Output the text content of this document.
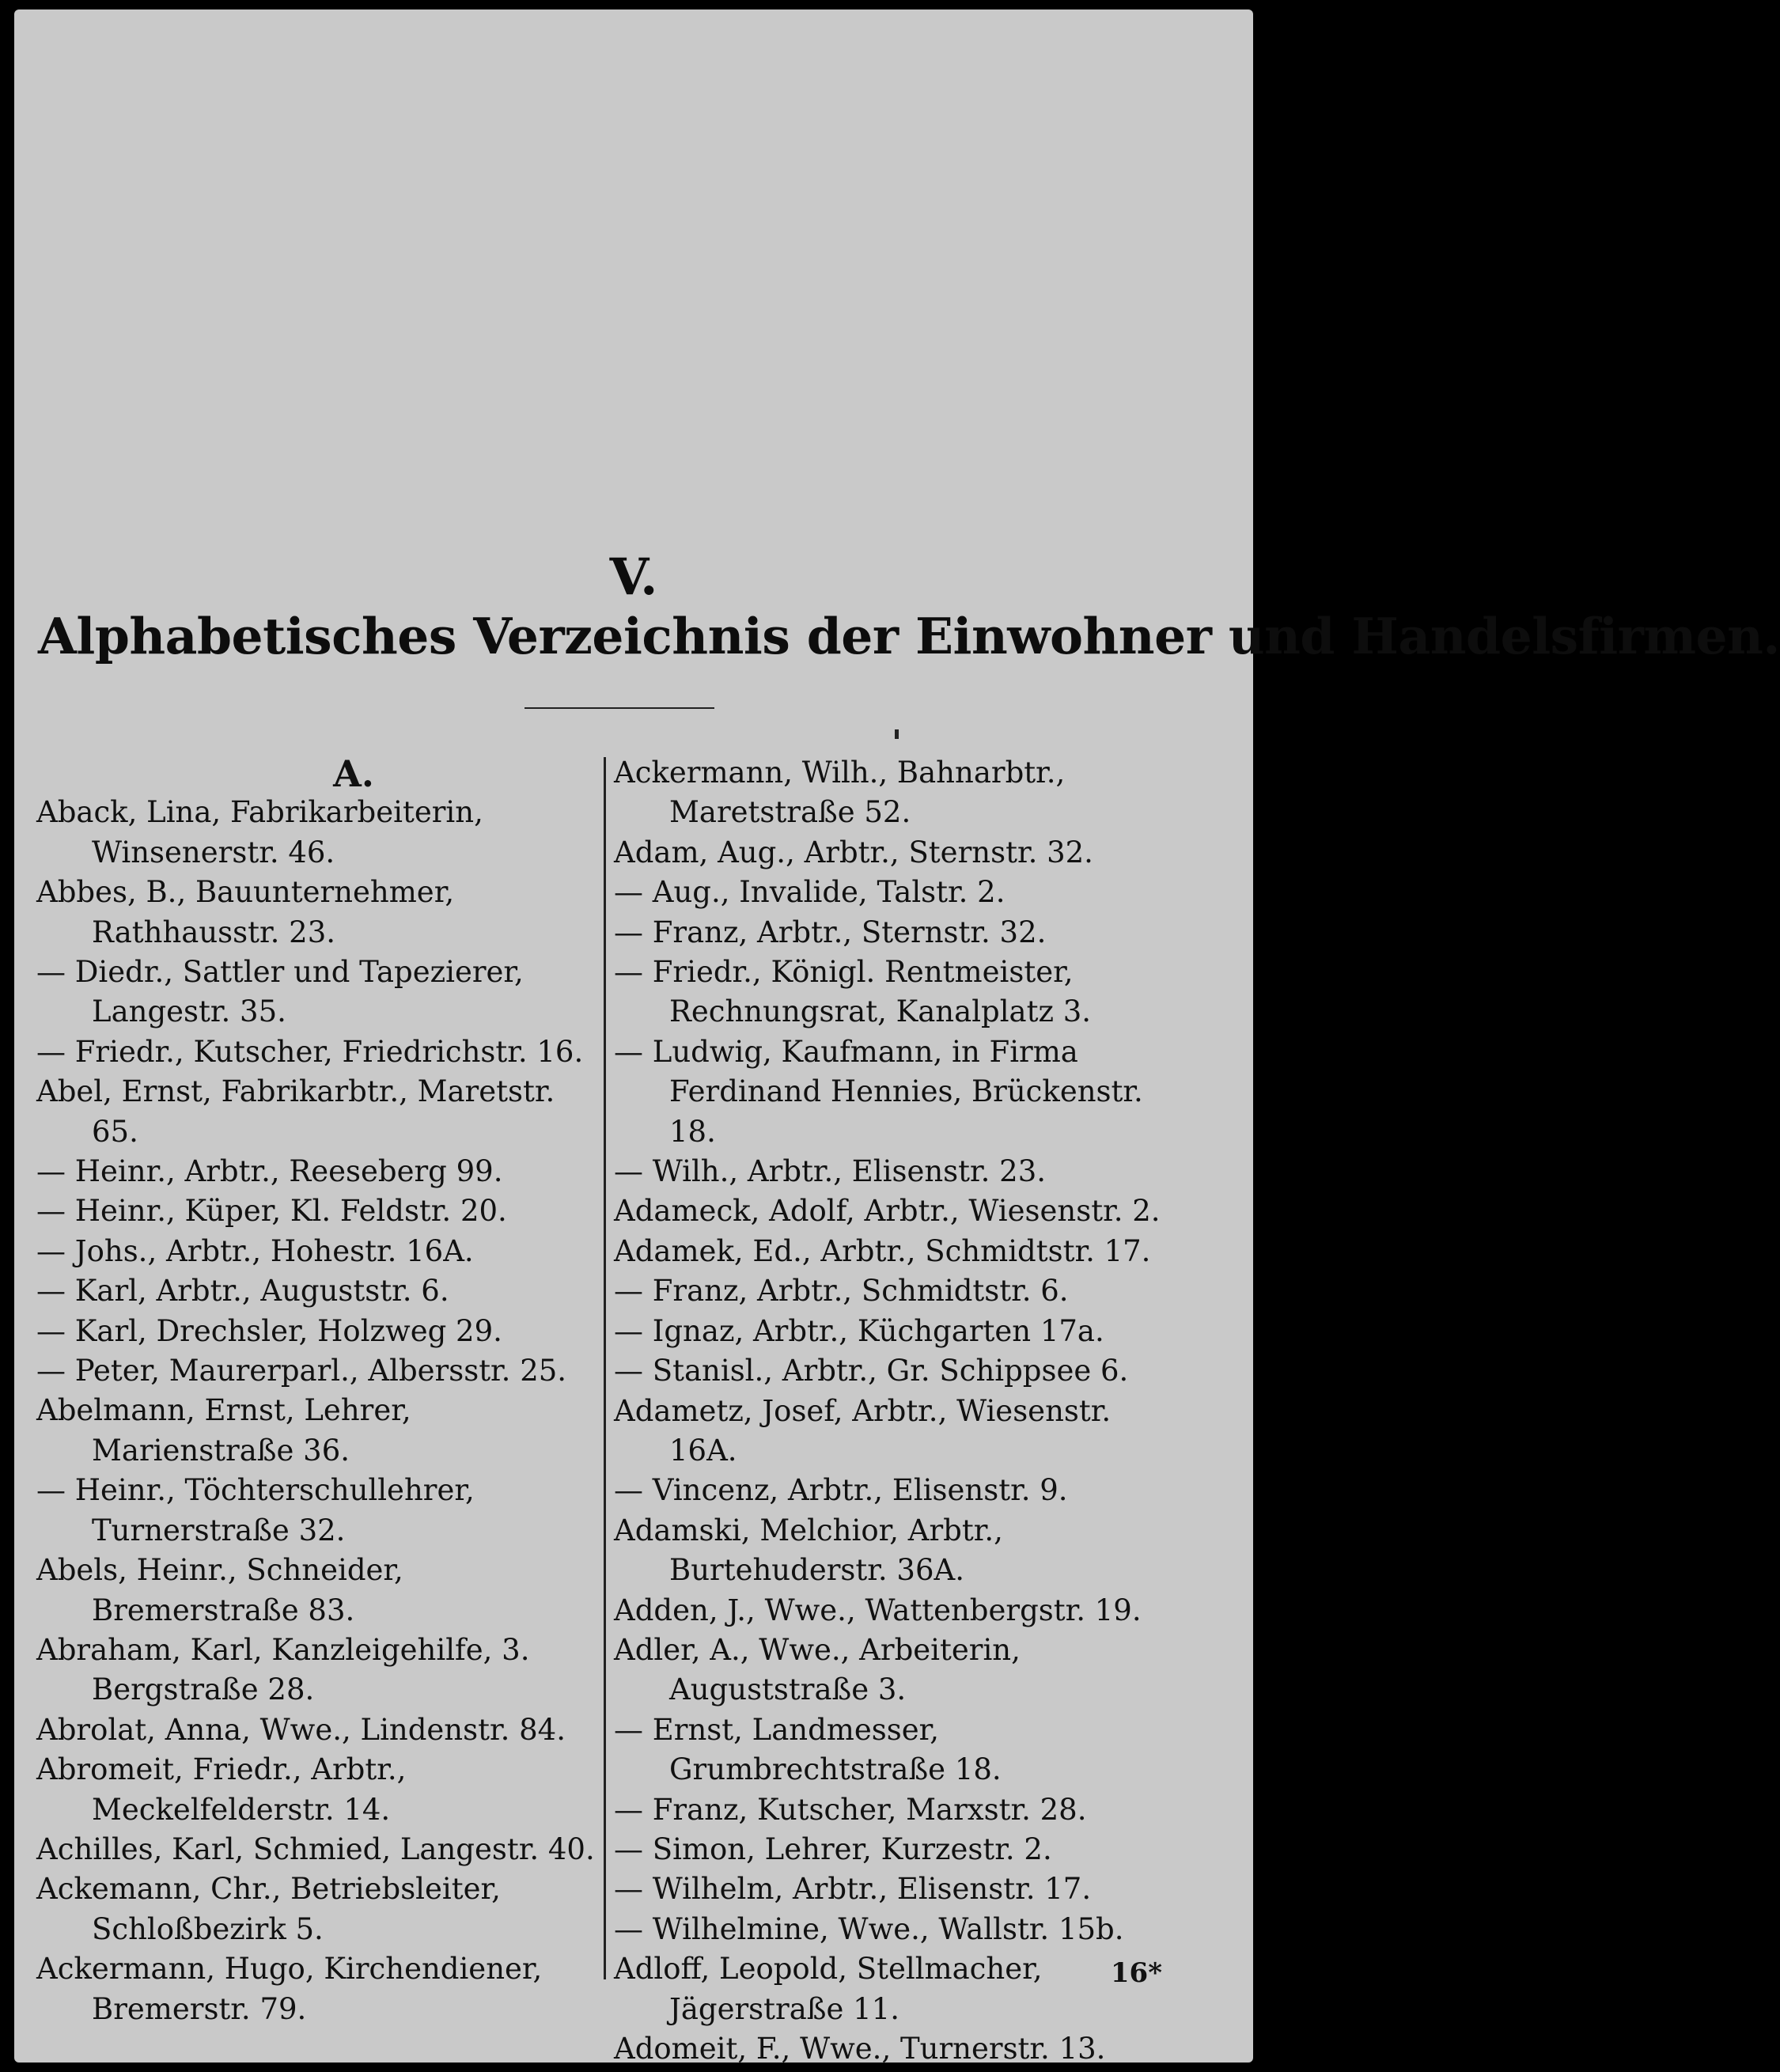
V.
Alphabetisches Verzeichnis der Einwohner und Handelsfirmen.
A.

Aback, Lina, Fabrikarbeiterin, Winsenerstr. 46.

Abbes, B., Bauunternehmer, Rathhausstr. 23.

— Diedr., Sattler und Tapezierer, Langestr. 35.

— Friedr., Kutscher, Friedrichstr. 16.

Abel, Ernst, Fabrikarbtr., Maretstr. 65.

— Heinr., Arbtr., Reeseberg 99.

— Heinr., Küper, Kl. Feldstr. 20.

— Johs., Arbtr., Hohestr. 16A.

— Karl, Arbtr., Auguststr. 6.

— Karl, Drechsler, Holzweg 29.

— Peter, Maurerparl., Albersstr. 25.

Abelmann, Ernst, Lehrer, Marienstraße 36.

— Heinr., Töchterschullehrer, Turnerstraße 32.

Abels, Heinr., Schneider, Bremerstraße 83.

Abraham, Karl, Kanzleigehilfe, 3. Bergstraße 28.

Abrolat, Anna, Wwe., Lindenstr. 84.

Abromeit, Friedr., Arbtr., Meckelfelderstr. 14.

Achilles, Karl, Schmied, Langestr. 40.

Ackemann, Chr., Betriebsleiter, Schloßbezirk 5.

Ackermann, Hugo, Kirchendiener, Bremerstr. 79.

Ackermann, Wilh., Bahnarbtr., Maretstraße 52.

Adam, Aug., Arbtr., Sternstr. 32.

— Aug., Invalide, Talstr. 2.

— Franz, Arbtr., Sternstr. 32.

— Friedr., Königl. Rentmeister, Rechnungsrat, Kanalplatz 3.

— Ludwig, Kaufmann, in Firma Ferdinand Hennies, Brückenstr. 18.

— Wilh., Arbtr., Elisenstr. 23.

Adameck, Adolf, Arbtr., Wiesenstr. 2.

Adamek, Ed., Arbtr., Schmidtstr. 17.

— Franz, Arbtr., Schmidtstr. 6.

— Ignaz, Arbtr., Küchgarten 17a.

— Stanisl., Arbtr., Gr. Schippsee 6.

Adametz, Josef, Arbtr., Wiesenstr. 16A.

— Vincenz, Arbtr., Elisenstr. 9.

Adamski, Melchior, Arbtr., Burtehuderstr. 36A.

Adden, J., Wwe., Wattenbergstr. 19.

Adler, A., Wwe., Arbeiterin, Auguststraße 3.

— Ernst, Landmesser, Grumbrechtstraße 18.

— Franz, Kutscher, Marxstr. 28.

— Simon, Lehrer, Kurzestr. 2.

— Wilhelm, Arbtr., Elisenstr. 17.

— Wilhelmine, Wwe., Wallstr. 15b.

Adloff, Leopold, Stellmacher, Jägerstraße 11.

Adomeit, F., Wwe., Turnerstr. 13.

16*
